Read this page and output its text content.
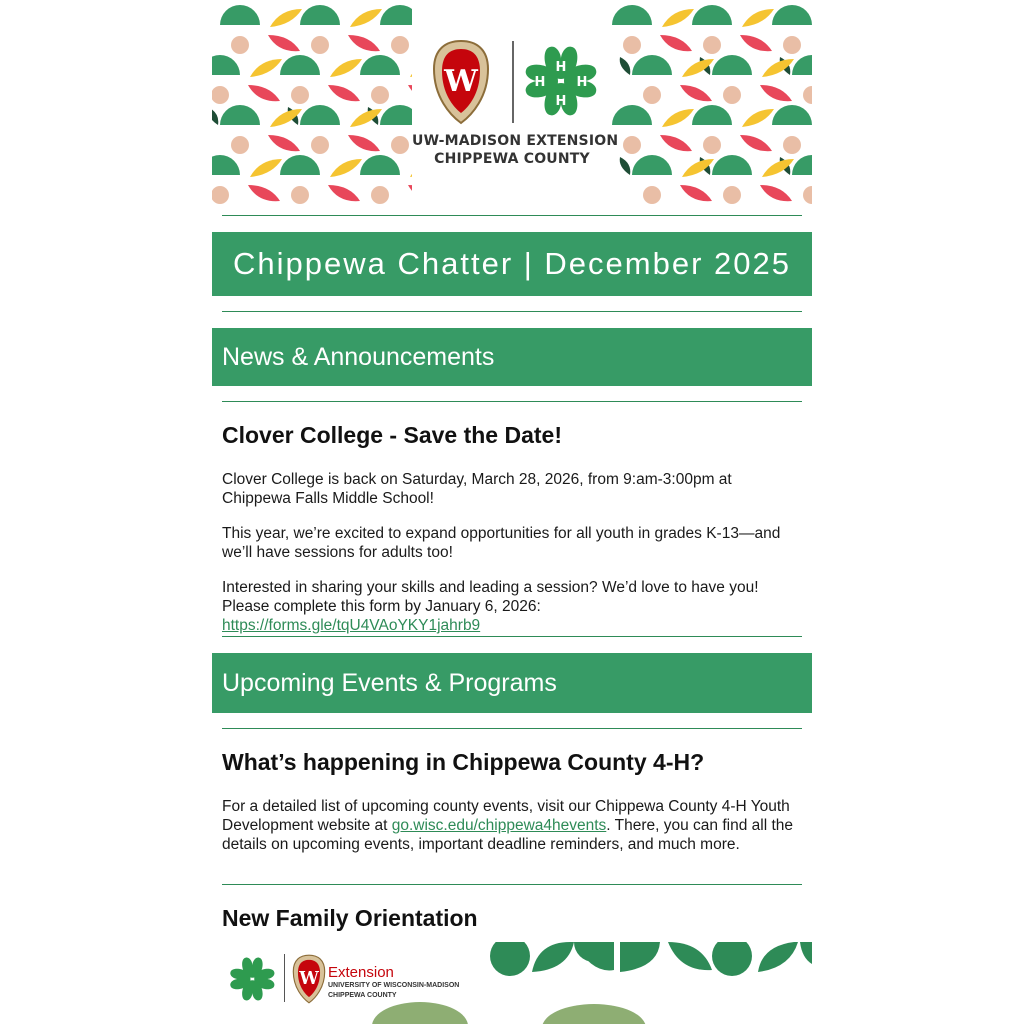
W	H
H
H
H
UW-MADISON EXTENSION
CHIPPEWA COUNTY
Chippewa Chatter | December 2025
News & Announcements
Clover College - Save the Date!
Clover College is back on Saturday, March 28, 2026, from 9:am-3:00pm at Chippewa Falls Middle School!
This year, we’re excited to expand opportunities for all youth in grades K-13—and we’ll have sessions for adults too!
Interested in sharing your skills and leading a session? We’d love to have you! Please complete this form by January 6, 2026: https://forms.gle/tqU4VAoYKY1jahrb9
Upcoming Events & Programs
What’s happening in Chippewa County 4-H?
For a detailed list of upcoming county events, visit our Chippewa County 4-H Youth Development website at go.wisc.edu/chippewa4hevents. There, you can find all the details on upcoming events, important deadline reminders, and much more.
New Family Orientation
W Extension
UNIVERSITY OF WISCONSIN-MADISON
CHIPPEWA COUNTY
